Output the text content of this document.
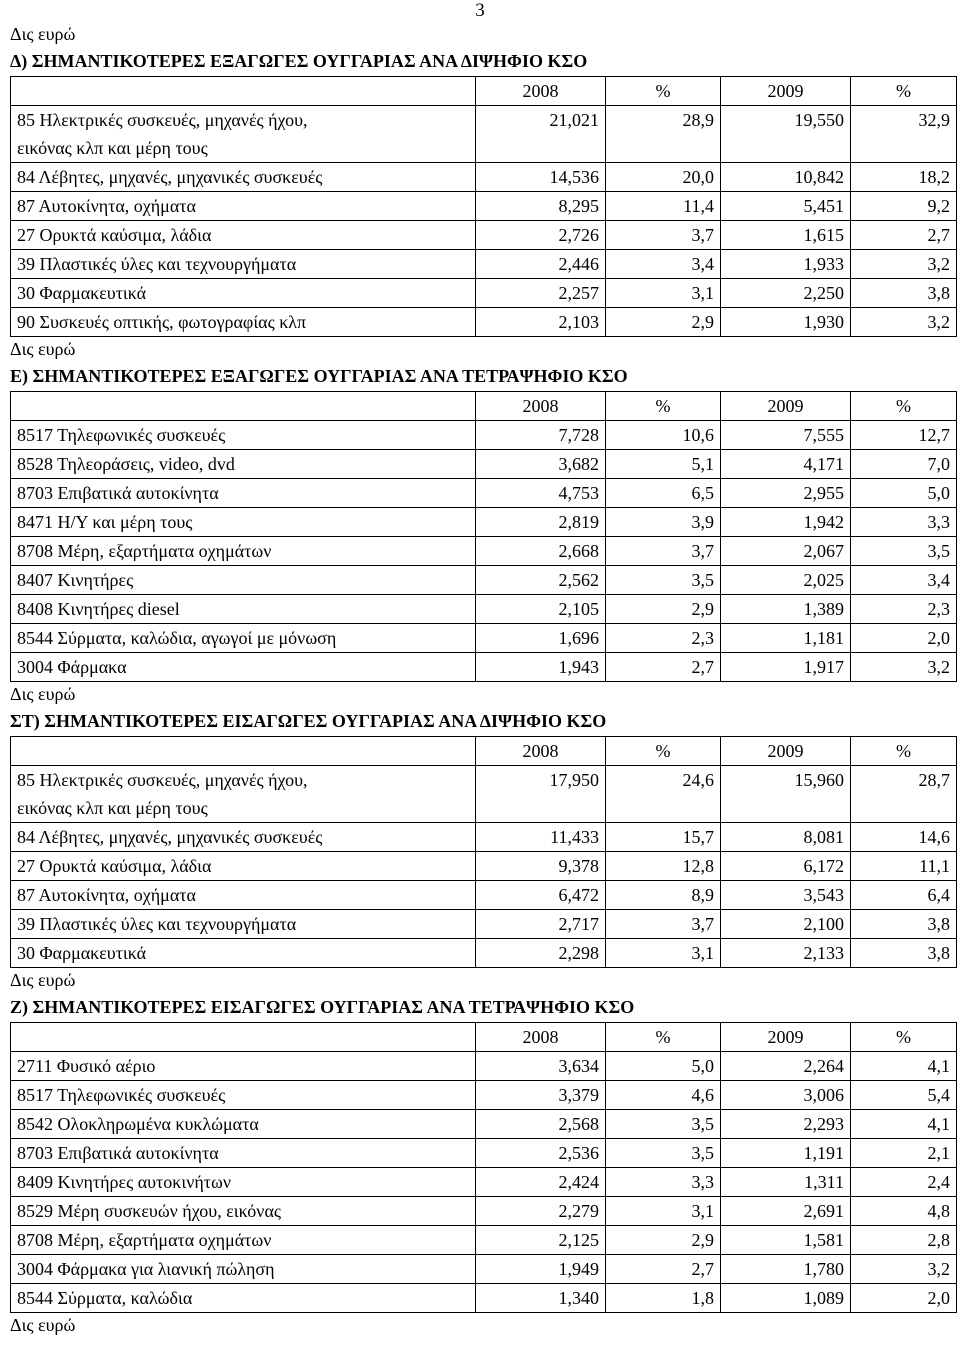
3
Δις ευρώ
Δ) ΣΗΜΑΝΤΙΚΟΤΕΡΕΣ ΕΞΑΓΩΓΕΣ ΟΥΓΓΑΡΙΑΣ ΑΝΑ ΔΙΨΗΦΙΟ ΚΣΟ
	2008	%	2009	%

85 Ηλεκτρικές συσκευές, μηχανές ήχου,
εικόνας κλπ και μέρη τους	21,021	28,9	19,550	32,9
84 Λέβητες, μηχανές, μηχανικές συσκευές	14,536	20,0	10,842	18,2
87 Αυτοκίνητα, οχήματα	8,295	11,4	5,451	9,2
27 Ορυκτά καύσιμα, λάδια	2,726	3,7	1,615	2,7
39 Πλαστικές ύλες και τεχνουργήματα	2,446	3,4	1,933	3,2
30 Φαρμακευτικά	2,257	3,1	2,250	3,8
90 Συσκευές οπτικής, φωτογραφίας κλπ	2,103	2,9	1,930	3,2
Δις ευρώ
Ε) ΣΗΜΑΝΤΙΚΟΤΕΡΕΣ ΕΞΑΓΩΓΕΣ ΟΥΓΓΑΡΙΑΣ ΑΝΑ ΤΕΤΡΑΨΗΦΙΟ ΚΣΟ
	2008	%	2009	%
8517 Τηλεφωνικές συσκευές	7,728	10,6	7,555	12,7
8528 Τηλεοράσεις, video, dvd	3,682	5,1	4,171	7,0
8703 Επιβατικά αυτοκίνητα	4,753	6,5	2,955	5,0
8471 Η/Υ και μέρη τους	2,819	3,9	1,942	3,3
8708 Μέρη, εξαρτήματα οχημάτων	2,668	3,7	2,067	3,5
8407 Κινητήρες	2,562	3,5	2,025	3,4
8408 Κινητήρες diesel	2,105	2,9	1,389	2,3
8544 Σύρματα, καλώδια, αγωγοί με μόνωση	1,696	2,3	1,181	2,0
3004 Φάρμακα	1,943	2,7	1,917	3,2
Δις ευρώ
ΣΤ) ΣΗΜΑΝΤΙΚΟΤΕΡΕΣ ΕΙΣΑΓΩΓΕΣ ΟΥΓΓΑΡΙΑΣ ΑΝΑ ΔΙΨΗΦΙΟ ΚΣΟ
	2008	%	2009	%

85 Ηλεκτρικές συσκευές, μηχανές ήχου,
εικόνας κλπ και μέρη τους	17,950	24,6	15,960	28,7
84 Λέβητες, μηχανές, μηχανικές συσκευές	11,433	15,7	8,081	14,6
27 Ορυκτά καύσιμα, λάδια	9,378	12,8	6,172	11,1
87 Αυτοκίνητα, οχήματα	6,472	8,9	3,543	6,4
39 Πλαστικές ύλες και τεχνουργήματα	2,717	3,7	2,100	3,8
30 Φαρμακευτικά	2,298	3,1	2,133	3,8
Δις ευρώ
Ζ) ΣΗΜΑΝΤΙΚΟΤΕΡΕΣ ΕΙΣΑΓΩΓΕΣ ΟΥΓΓΑΡΙΑΣ ΑΝΑ ΤΕΤΡΑΨΗΦΙΟ ΚΣΟ
	2008	%	2009	%
2711 Φυσικό αέριο	3,634	5,0	2,264	4,1
8517 Τηλεφωνικές συσκευές	3,379	4,6	3,006	5,4
8542 Ολοκληρωμένα κυκλώματα	2,568	3,5	2,293	4,1
8703 Επιβατικά αυτοκίνητα	2,536	3,5	1,191	2,1
8409 Κινητήρες αυτοκινήτων	2,424	3,3	1,311	2,4
8529 Μέρη συσκευών ήχου, εικόνας	2,279	3,1	2,691	4,8
8708 Μέρη, εξαρτήματα οχημάτων	2,125	2,9	1,581	2,8
3004 Φάρμακα για λιανική πώληση	1,949	2,7	1,780	3,2
8544 Σύρματα, καλώδια	1,340	1,8	1,089	2,0
Δις ευρώ
